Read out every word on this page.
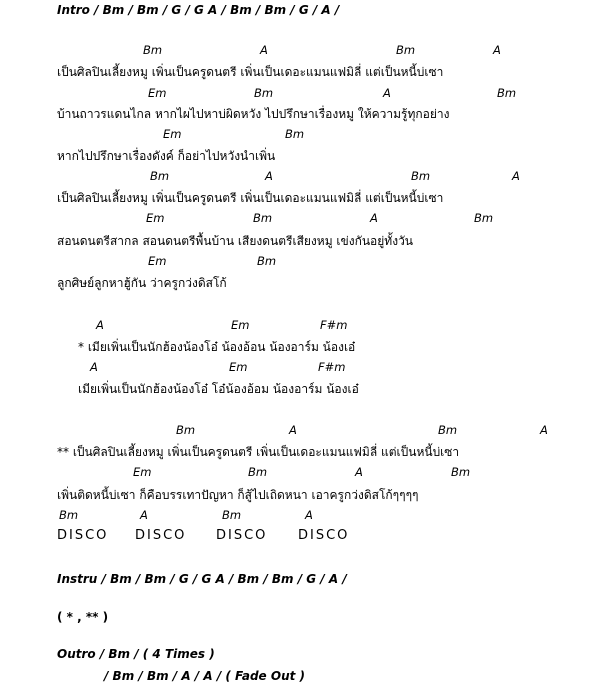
Intro / Bm / Bm / G / G A / Bm / Bm / G / A /
Bm	A	Bm	A
เป็นศิลปินเลี้ยงหมู เพิ่นเป็นครูดนตรี เพิ่นเป็นเดอะแมนแฟมิลี่ แต่เป็นหนี้บ่เซา
Em	Bm	A	Bm
บ้านถาวรแดนไกล หากไผไปหาบ่ผิดหวัง ไปปรึกษาเรื่องหมู ให้ความรู้ทุกอย่าง
Em	Bm
หากไปปรึกษาเรื่องดังค์ ก็อย่าไปหวังนำเพิ่น
Bm	A	Bm	A
เป็นศิลปินเลี้ยงหมู เพิ่นเป็นครูดนตรี เพิ่นเป็นเดอะแมนแฟมิลี่ แต่เป็นหนี้บ่เซา
Em	Bm	A	Bm
สอนดนตรีสากล สอนดนตรีพื้นบ้าน เสียงดนตรีเสียงหมู เข่งกันอยู่ทั้งวัน
Em	Bm
ลูกศิษย์ลูกหาฮู้กัน ว่าครูกว่งดิสโก้
A	Em	F#m
* เมียเพิ่นเป็นนักฮ้องน้องโอ๋ น้องอ้อน น้องอาร์ม น้องเอ๋
A	Em	F#m
เมียเพิ่นเป็นนักฮ้องน้องโอ๋ โอ๋น้องอ้อม น้องอาร์ม น้องเอ๋
Bm	A	Bm	A
** เป็นศิลปินเลี้ยงหมู เพิ่นเป็นครูดนตรี เพิ่นเป็นเดอะแมนแฟมิลี่ แต่เป็นหนี้บ่เซา
Em	Bm	A	Bm
เพิ่นติดหนี้บ่เซา ก็คือบรรเทาปัญหา ก็สู้ไปเถิดหนา เอาครูกว่งดิสโก้ๆๆๆๆ
Bm	A	Bm	A
DISCO DISCO DISCO DISCO
Instru / Bm / Bm / G / G A / Bm / Bm / G / A /
( * , ** )
Outro / Bm / ( 4 Times )
/ Bm / Bm / A / A / ( Fade Out )
